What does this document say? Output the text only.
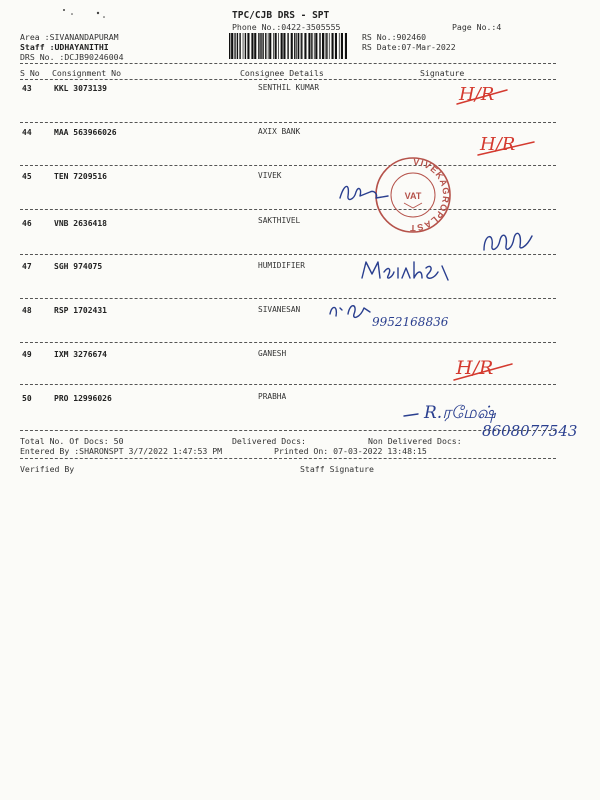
TPC/CJB DRS - SPT
Phone No.:0422-3505555	Page No.:4
Area :SIVANANDAPURAM
Staff :UDHAYANITHI
DRS No. :DCJB90246004
RS No.:902460
RS Date:07-Mar-2022
S No Consignment No	Consignee Details	Signature
43	KKL 3073139	SENTHIL KUMAR
44	MAA 563966026	AXIX BANK
45	TEN 7209516	VIVEK
46	VNB 2636418	SAKTHIVEL
47	SGH 974075	HUMIDIFIER
48	RSP 1702431	SIVANESAN
49	IXM 3276674	GANESH
50	PRO 12996026	PRABHA
Total No. Of Docs: 50	Delivered Docs:	Non Delivered Docs:
Entered By :SHARONSPT 3/7/2022 1:47:53 PM	Printed On: 07-03-2022 13:48:15
Verified By	Staff Signature
VIVEKAGROPLAST
VAT
H/R
H/R
9952168836
H/R
R.ரமேஷ்
8608077543
